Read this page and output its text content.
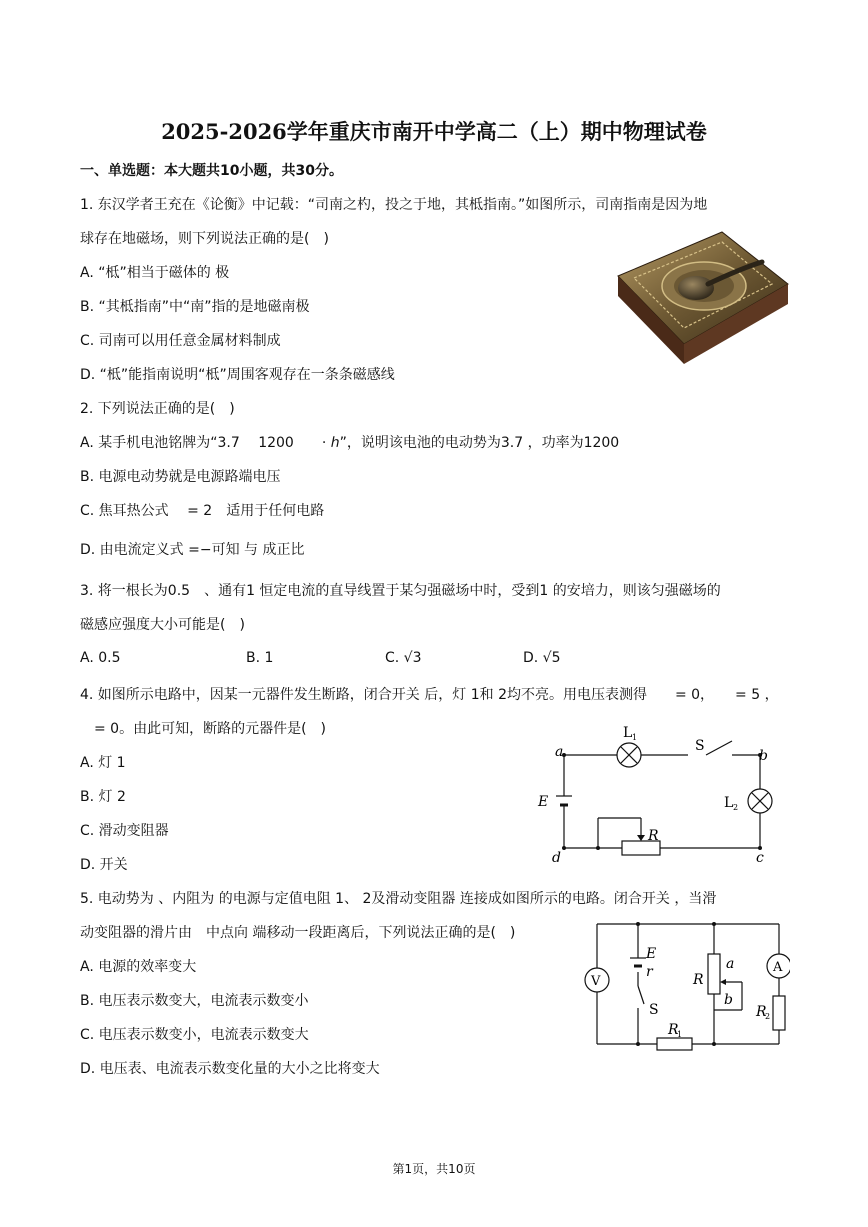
2025-2026学年重庆市南开中学高二（上）期中物理试卷
一、单选题：本大题共10小题，共30分。
1. 东汉学者王充在《论衡》中记载：“司南之杓，投之于地，其柢指南。”如图所示，司南指南是因为地
球存在地磁场，则下列说法正确的是(　)
A. “柢”相当于磁体的 极
B. “其柢指南”中“南”指的是地磁南极
C. 司南可以用任意金属材料制成
D. “柢”能指南说明“柢”周围客观存在一条条磁感线
2. 下列说法正确的是(　)
A. 某手机电池铭牌为“3.7　 1200　　· ℎ”，说明该电池的电动势为3.7 ，功率为1200
B. 电源电动势就是电源路端电压
C. 焦耳热公式　 = 2　适用于任何电路
D. 由电流定义式 =−可知 与 成正比
3. 将一根长为0.5　、通有1 恒定电流的直导线置于某匀强磁场中时，受到1 的安培力，则该匀强磁场的
磁感应强度大小可能是(　)
A. 0.5	B. 1	C. √3	D. √5
4. 如图所示电路中，因某一元器件发生断路，闭合开关 后，灯 1和 2均不亮。用电压表测得　　= 0，　　= 5 ，
　= 0。由此可知，断路的元器件是(　)
A. 灯 1
B. 灯 2
C. 滑动变阻器
D. 开关
a	b
c
d
E
R
S
L 1
L 2
5. 电动势为 、内阻为 的电源与定值电阻 1、 2及滑动变阻器 连接成如图所示的电路。闭合开关 ，当滑
动变阻器的滑片由　中点向 端移动一段距离后，下列说法正确的是(　)
A. 电源的效率变大
B. 电压表示数变大，电流表示数变小
C. 电压表示数变小，电流表示数变大
D. 电压表、电流表示数变化量的大小之比将变大
V
A
E
r
S
R
a
b
R
1
R
2
第1页，共10页
